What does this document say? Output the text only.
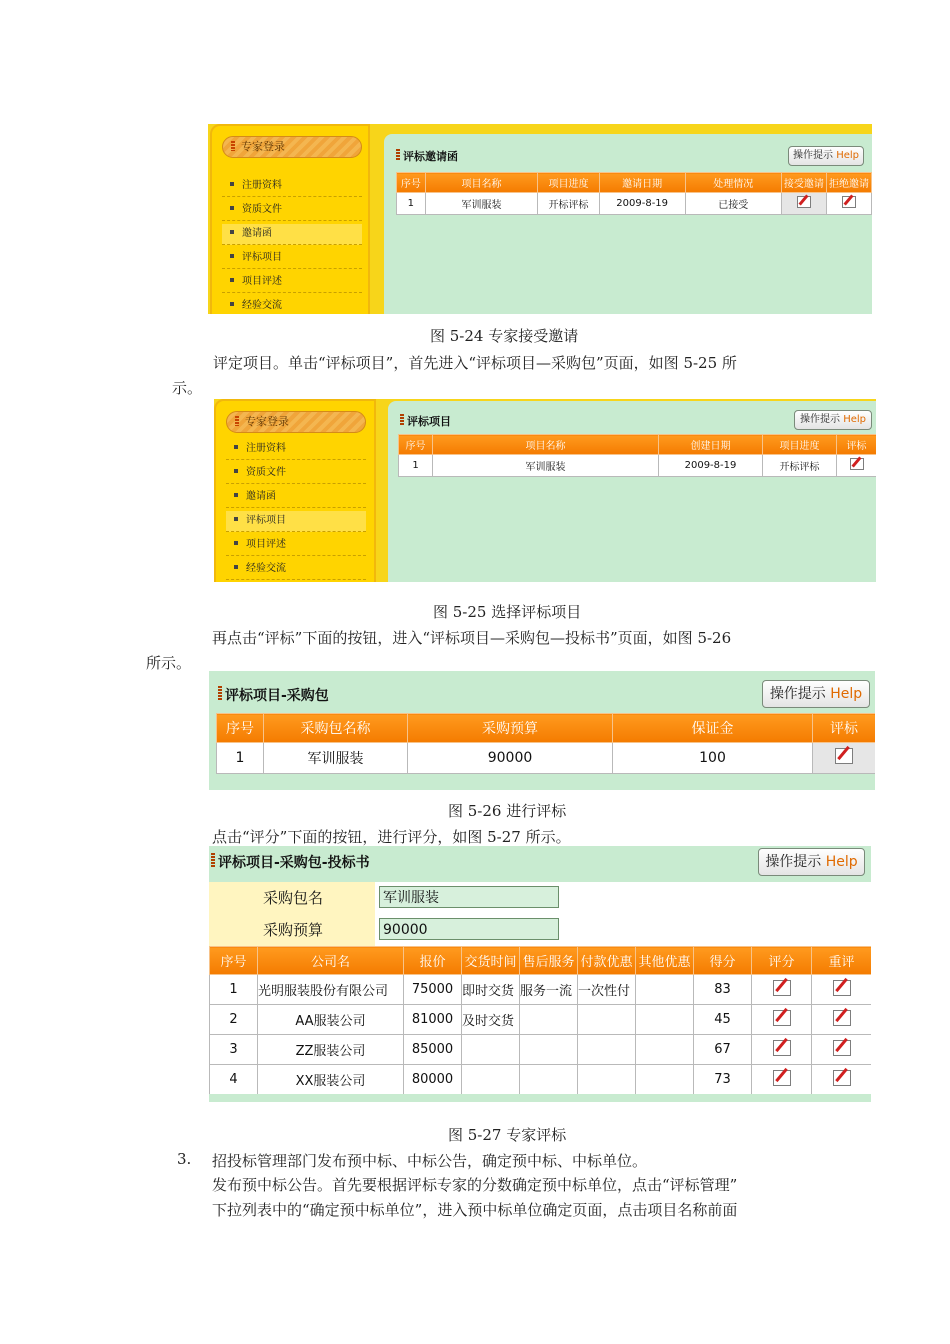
专家登录
注册资料
资质文件
邀请函
评标项目
项目评述
经验交流
评标邀请函	操作提示 Help
序号	项目名称	项目进度	邀请日期	处理情况	接受邀请	拒绝邀请
1	军训服装	开标评标	2009-8-19	已接受		
图 5-24 专家接受邀请
评定项目。单击“评标项目”，首先进入“评标项目—采购包”页面，如图 5-25 所
示。
专家登录
注册资料
资质文件
邀请函
评标项目
项目评述
经验交流
评标项目	操作提示 Help
序号	项目名称	创建日期	项目进度	评标
1	军训服装	2009-8-19	开标评标	
图 5-25 选择评标项目
再点击“评标”下面的按钮，进入“评标项目—采购包—投标书”页面，如图 5-26
所示。
评标项目-采购包	操作提示 Help
序号	采购包名称	采购预算	保证金	评标
1	军训服装	90000	100	
图 5-26 进行评标
点击“评分”下面的按钮，进行评分，如图 5-27 所示。
评标项目-采购包-投标书	操作提示 Help
采购包名	军训服装
采购预算	90000
序号	公司名	报价	交货时间	售后服务	付款优惠	其他优惠	得分	评分	重评
1	光明服装股份有限公司	75000	即时交货	服务一流	一次性付		83		
2	AA服装公司	81000	及时交货				45		
3	ZZ服装公司	85000					67		
4	XX服装公司	80000					73		
图 5-27 专家评标
3. 招投标管理部门发布预中标、中标公告，确定预中标、中标单位。
发布预中标公告。首先要根据评标专家的分数确定预中标单位，点击“评标管理”
下拉列表中的“确定预中标单位”，进入预中标单位确定页面，点击项目名称前面
